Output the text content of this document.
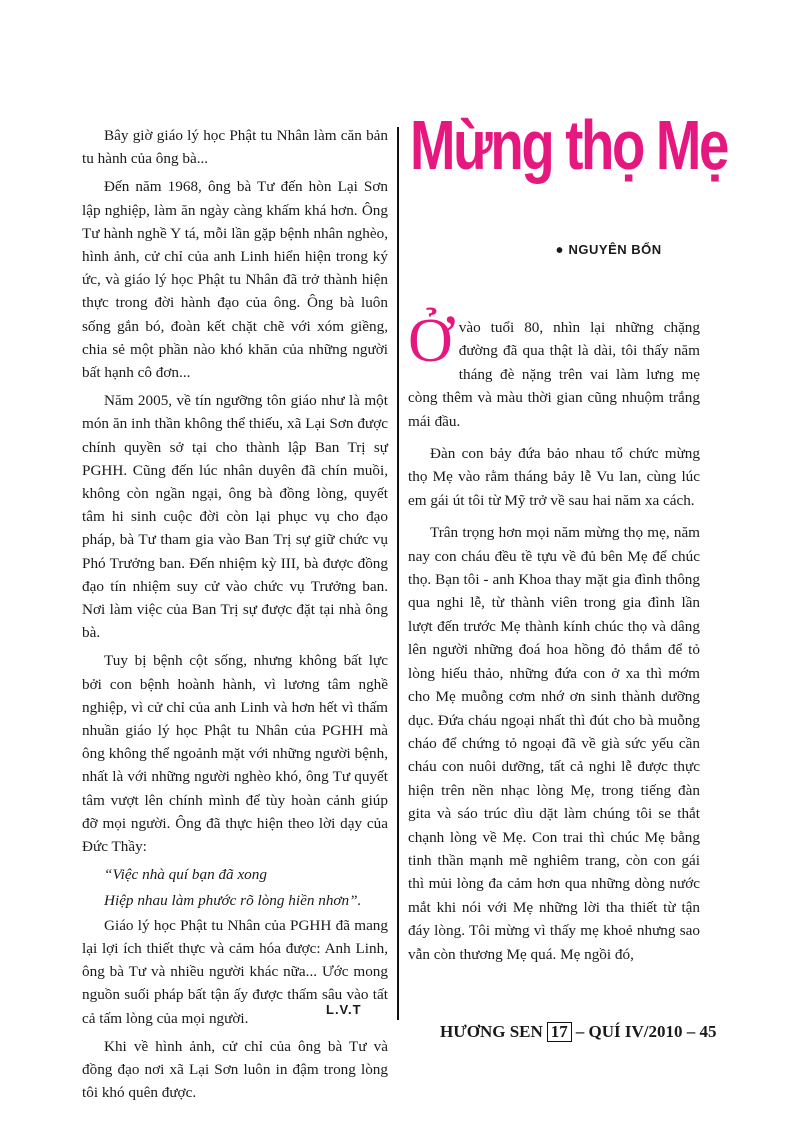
Bây giờ giáo lý học Phật tu Nhân làm căn bản tu hành của ông bà...

Đến năm 1968, ông bà Tư đến hòn Lại Sơn lập nghiệp, làm ăn ngày càng khấm khá hơn. Ông Tư hành nghề Y tá, mỗi lần gặp bệnh nhân nghèo, hình ảnh, cử chỉ của anh Linh hiển hiện trong ký ức, và giáo lý học Phật tu Nhân đã trở thành hiện thực trong đời hành đạo của ông. Ông bà luôn sống gắn bó, đoàn kết chặt chẽ với xóm giềng, chia sẻ một phần nào khó khăn của những người bất hạnh cô đơn...

Năm 2005, về tín ngưỡng tôn giáo như là một món ăn inh thần không thể thiếu, xã Lại Sơn được chính quyền sở tại cho thành lập Ban Trị sự PGHH. Cũng đến lúc nhân duyên đã chín muồi, không còn ngần ngại, ông bà đồng lòng, quyết tâm hi sinh cuộc đời còn lại phục vụ cho đạo pháp, bà Tư tham gia vào Ban Trị sự giữ chức vụ Phó Trưởng ban. Đến nhiệm kỳ III, bà được đồng đạo tín nhiệm suy cử vào chức vụ Trưởng ban. Nơi làm việc của Ban Trị sự được đặt tại nhà ông bà.

Tuy bị bệnh cột sống, nhưng không bất lực bởi con bệnh hoành hành, vì lương tâm nghề nghiệp, vì cử chỉ của anh Linh và hơn hết vì thấm nhuần giáo lý học Phật tu Nhân của PGHH mà ông không thể ngoảnh mặt với những người bệnh, nhất là với những người nghèo khó, ông Tư quyết tâm vượt lên chính mình để tùy hoàn cảnh giúp đỡ mọi người. Ông đã thực hiện theo lời dạy của Đức Thầy:

“Việc nhà quí bạn đã xong

Hiệp nhau làm phước rõ lòng hiền nhơn”.

Giáo lý học Phật tu Nhân của PGHH đã mang lại lợi ích thiết thực và cảm hóa được: Anh Linh, ông bà Tư và nhiều người khác nữa... Ước mong nguồn suối pháp bất tận ấy được thấm sâu vào tất cả tấm lòng của mọi người.

Khi về hình ảnh, cử chỉ của ông bà Tư và đồng đạo nơi xã Lại Sơn luôn in đậm trong lòng tôi khó quên được.

L.V.T
Mừng thọ Mẹ
• NGUYÊN BỔN

Ởvào tuổi 80, nhìn lại những chặng đường đã qua thật là dài, tôi thấy năm tháng đè nặng trên vai làm lưng mẹ còng thêm và màu thời gian cũng nhuộm trắng mái đầu.

Đàn con bảy đứa bảo nhau tổ chức mừng thọ Mẹ vào rằm tháng bảy lễ Vu lan, cùng lúc em gái út tôi từ Mỹ trở về sau hai năm xa cách.

Trân trọng hơn mọi năm mừng thọ mẹ, năm nay con cháu đều tề tựu về đủ bên Mẹ để chúc thọ. Bạn tôi - anh Khoa thay mặt gia đình thông qua nghi lễ, từ thành viên trong gia đình lần lượt đến trước Mẹ thành kính chúc thọ và dâng lên người những đoá hoa hồng đỏ thắm để tỏ lòng hiếu thảo, những đứa con ở xa thì mớm cho Mẹ muỗng cơm nhớ ơn sinh thành dưỡng dục. Đứa cháu ngoại nhất thì đút cho bà muỗng cháo để chứng tỏ ngoại đã về già sức yếu cần cháu con nuôi dưỡng, tất cả nghi lễ được thực hiện trên nền nhạc lòng Mẹ, trong tiếng đàn gita và sáo trúc dìu dặt làm chúng tôi se thắt chạnh lòng về Mẹ. Con trai thì chúc Mẹ bằng tinh thần mạnh mẽ nghiêm trang, còn con gái thì mủi lòng đa cảm hơn qua những dòng nước mắt khi nói với Mẹ những lời tha thiết từ tận đáy lòng. Tôi mừng vì thấy mẹ khoẻ nhưng sao vẫn còn thương Mẹ quá. Mẹ ngồi đó,

HƯƠNG SEN 17 – QUÍ IV/2010 – 45
